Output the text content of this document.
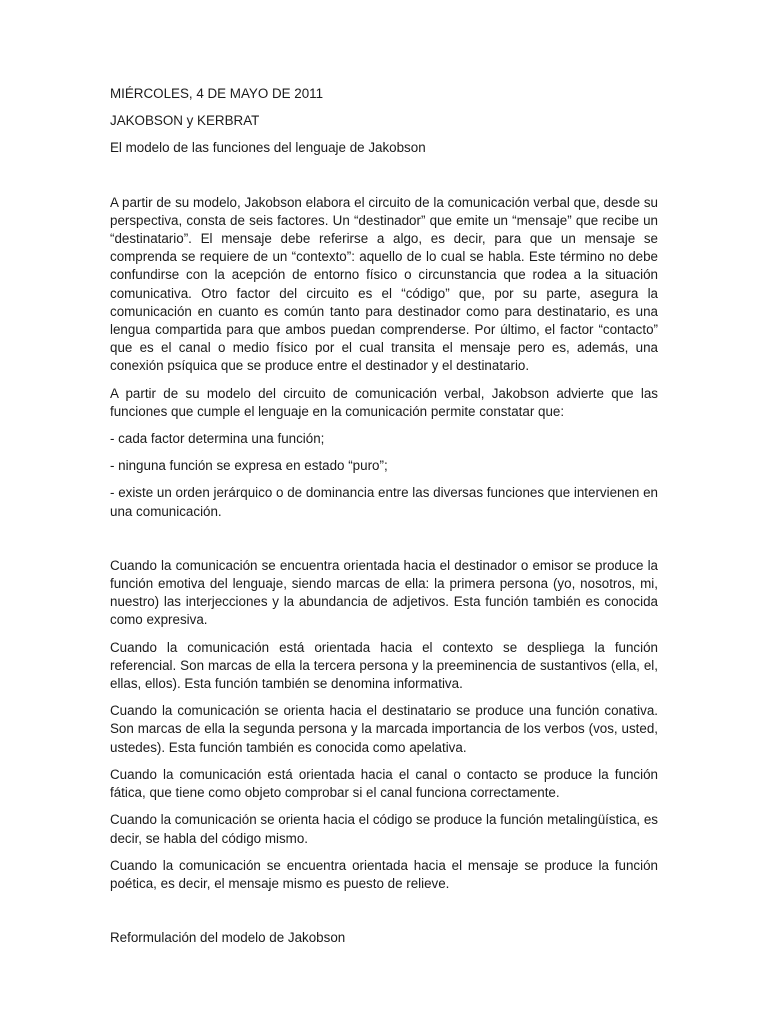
MIÉRCOLES, 4 DE MAYO DE 2011

JAKOBSON y KERBRAT

El modelo de las funciones del lenguaje de Jakobson

A partir de su modelo, Jakobson elabora el circuito de la comunicación verbal que, desde su perspectiva, consta de seis factores. Un “destinador” que emite un “mensaje” que recibe un “destinatario”. El mensaje debe referirse a algo, es decir, para que un mensaje se comprenda se requiere de un “contexto”: aquello de lo cual se habla. Este término no debe confundirse con la acepción de entorno físico o circunstancia que rodea a la situación comunicativa. Otro factor del circuito es el “código” que, por su parte, asegura la comunicación en cuanto es común tanto para destinador como para destinatario, es una lengua compartida para que ambos puedan comprenderse. Por último, el factor “contacto” que es el canal o medio físico por el cual transita el mensaje pero es, además, una conexión psíquica que se produce entre el destinador y el destinatario.

A partir de su modelo del circuito de comunicación verbal, Jakobson advierte que las funciones que cumple el lenguaje en la comunicación permite constatar que:

- cada factor determina una función;

- ninguna función se expresa en estado “puro”;

- existe un orden jerárquico o de dominancia entre las diversas funciones que intervienen en una comunicación.

Cuando la comunicación se encuentra orientada hacia el destinador o emisor se produce la función emotiva del lenguaje, siendo marcas de ella: la primera persona (yo, nosotros, mi, nuestro) las interjecciones y la abundancia de adjetivos. Esta función también es conocida como expresiva.

Cuando la comunicación está orientada hacia el contexto se despliega la función referencial. Son marcas de ella la tercera persona y la preeminencia de sustantivos (ella, el, ellas, ellos). Esta función también se denomina informativa.

Cuando la comunicación se orienta hacia el destinatario se produce una función conativa. Son marcas de ella la segunda persona y la marcada importancia de los verbos (vos, usted, ustedes). Esta función también es conocida como apelativa.

Cuando la comunicación está orientada hacia el canal o contacto se produce la función fática, que tiene como objeto comprobar si el canal funciona correctamente.

Cuando la comunicación se orienta hacia el código se produce la función metalingüística, es decir, se habla del código mismo.

Cuando la comunicación se encuentra orientada hacia el mensaje se produce la función poética, es decir, el mensaje mismo es puesto de relieve.

Reformulación del modelo de Jakobson
